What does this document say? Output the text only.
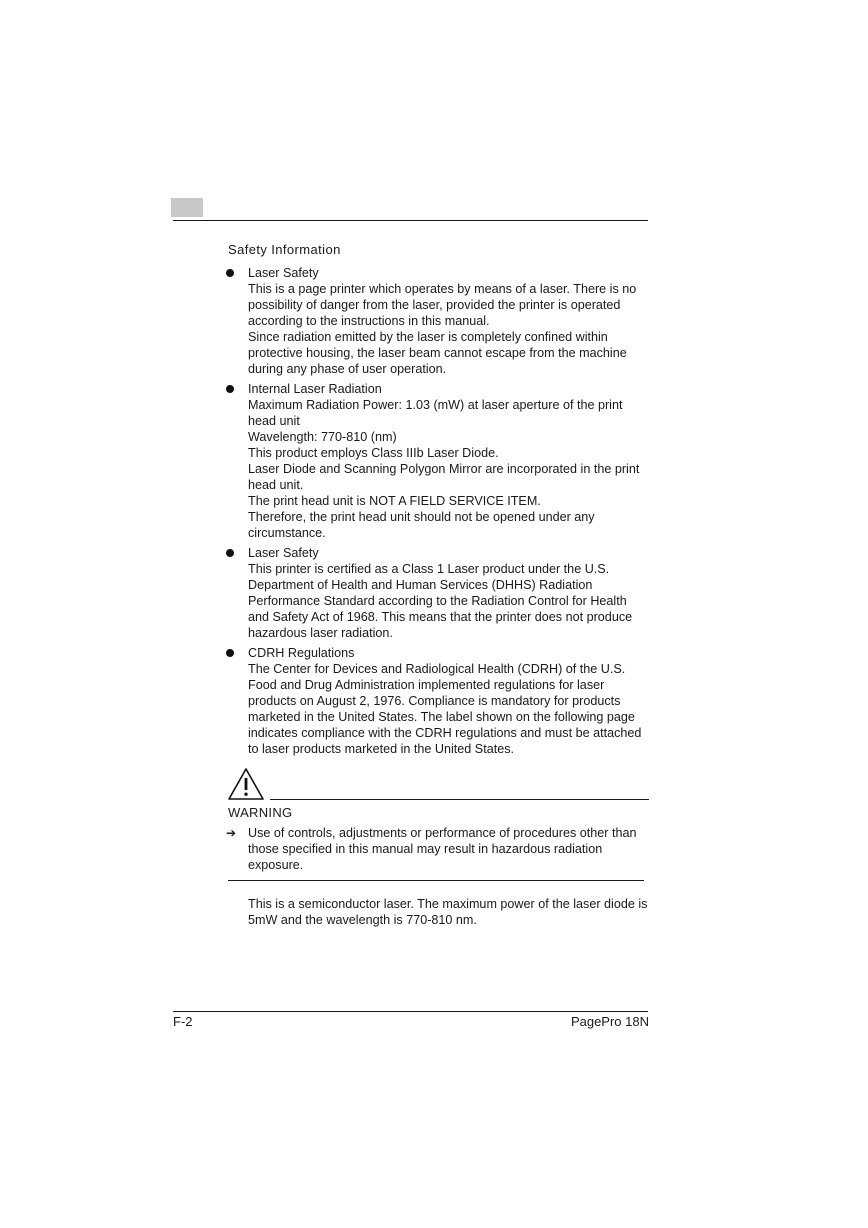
Safety Information

Laser Safety

This is a page printer which operates by means of a laser. There is no possibility of danger from the laser, provided the printer is operated according to the instructions in this manual.

Since radiation emitted by the laser is completely confined within protective housing, the laser beam cannot escape from the machine during any phase of user operation.

Internal Laser Radiation

Maximum Radiation Power: 1.03 (mW) at laser aperture of the print head unit

Wavelength: 770-810 (nm)

This product employs Class IIIb Laser Diode.

Laser Diode and Scanning Polygon Mirror are incorporated in the print head unit.

The print head unit is NOT A FIELD SERVICE ITEM.

Therefore, the print head unit should not be opened under any circumstance.

Laser Safety

This printer is certified as a Class 1 Laser product under the U.S. Department of Health and Human Services (DHHS) Radiation Performance Standard according to the Radiation Control for Health and Safety Act of 1968. This means that the printer does not produce hazardous laser radiation.

CDRH Regulations

The Center for Devices and Radiological Health (CDRH) of the U.S. Food and Drug Administration implemented regulations for laser products on August 2, 1976. Compliance is mandatory for products marketed in the United States. The label shown on the following page indicates compliance with the CDRH regulations and must be attached to laser products marketed in the United States.

WARNING
➔ Use of controls, adjustments or performance of procedures other than those specified in this manual may result in hazardous radiation exposure.

This is a semiconductor laser. The maximum power of the laser diode is 5mW and the wavelength is 770-810 nm.

F-2	PagePro 18N
